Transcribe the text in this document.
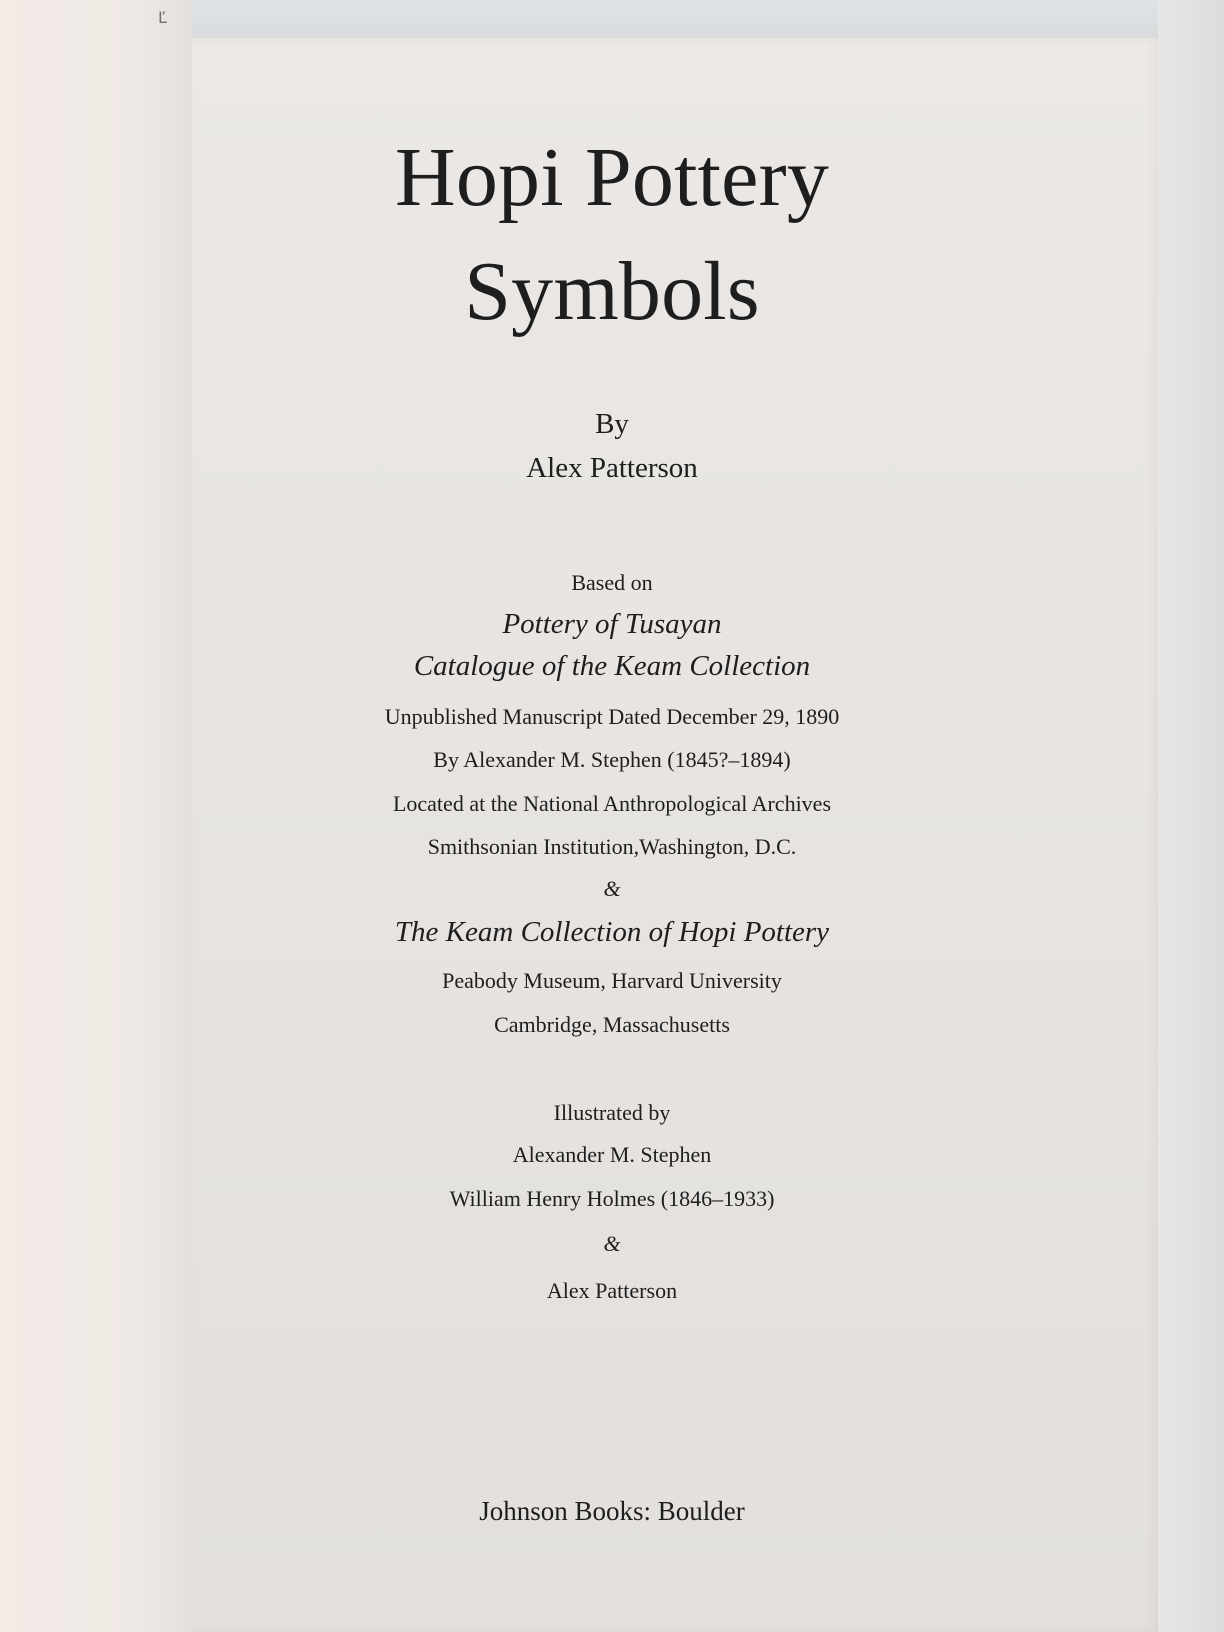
Ľ
Hopi Pottery
Symbols
By
Alex Patterson
Based on
Pottery of Tusayan
Catalogue of the Keam Collection
Unpublished Manuscript Dated December 29, 1890
By Alexander M. Stephen (1845?–1894)
Located at the National Anthropological Archives
Smithsonian Institution,Washington, D.C.
&
The Keam Collection of Hopi Pottery
Peabody Museum, Harvard University
Cambridge, Massachusetts
Illustrated by
Alexander M. Stephen
William Henry Holmes (1846–1933)
&
Alex Patterson
Johnson Books: Boulder
